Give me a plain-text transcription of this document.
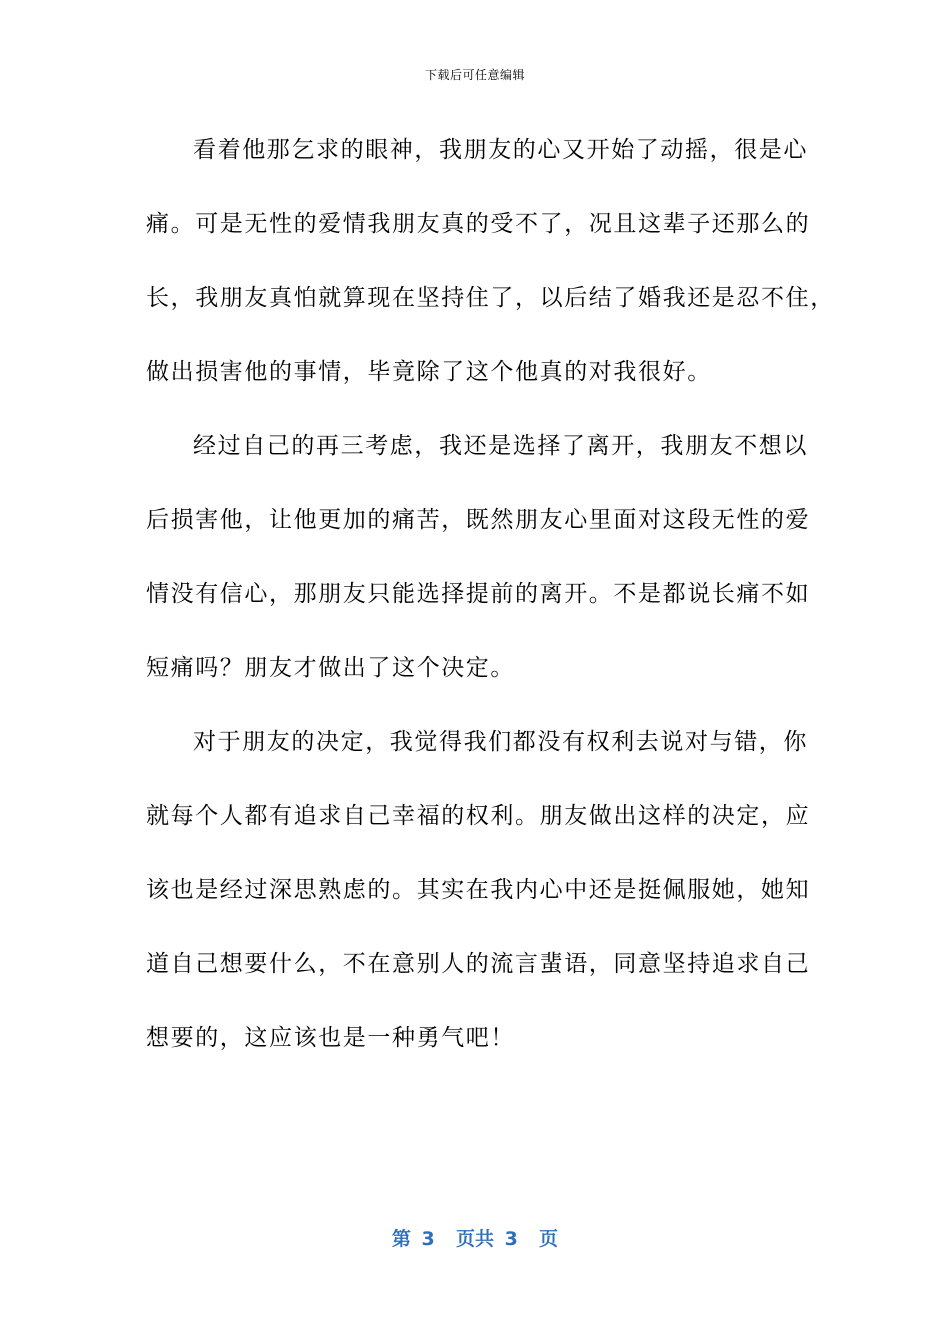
下载后可任意编辑

看着他那乞求的眼神，我朋友的心又开始了动摇，很是心

痛。可是无性的爱情我朋友真的受不了，况且这辈子还那么的

长，我朋友真怕就算现在坚持住了，以后结了婚我还是忍不住，

做出损害他的事情，毕竟除了这个他真的对我很好。

经过自己的再三考虑，我还是选择了离开，我朋友不想以

后损害他，让他更加的痛苦，既然朋友心里面对这段无性的爱

情没有信心，那朋友只能选择提前的离开。不是都说长痛不如

短痛吗？朋友才做出了这个决定。

对于朋友的决定，我觉得我们都没有权利去说对与错，你

就每个人都有追求自己幸福的权利。朋友做出这样的决定，应

该也是经过深思熟虑的。其实在我内心中还是挺佩服她，她知

道自己想要什么，不在意别人的流言蜚语，同意坚持追求自己

想要的，这应该也是一种勇气吧！

第 3  页共 3  页
